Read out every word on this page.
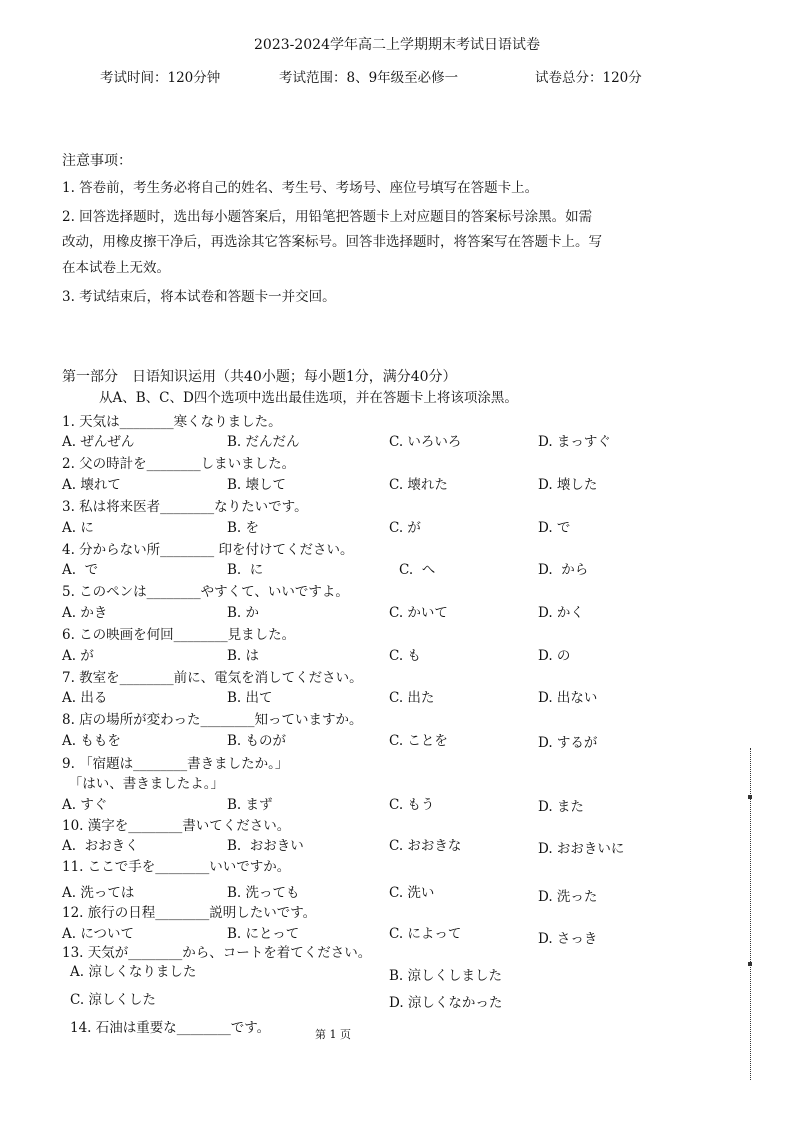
2023-2024学年高二上学期期末考试日语试卷
考试时间：120分钟	考试范围：8、9年级至必修一	试卷总分：120分
注意事项：
1. 答卷前，考生务必将自己的姓名、考生号、考场号、座位号填写在答题卡上。
2. 回答选择题时，选出每小题答案后，用铅笔把答题卡上对应题目的答案标号涂黑。如需
改动，用橡皮擦干净后，再选涂其它答案标号。回答非选择题时，将答案写在答题卡上。写
在本试卷上无效。
3. 考试结束后，将本试卷和答题卡一并交回。
第一部分　日语知识运用（共40小题；每小题1分，满分40分）
从A、B、C、D四个选项中选出最佳选项，并在答题卡上将该项涂黑。
1. 天気は________寒くなりました。
A. ぜんぜん	B. だんだん	C. いろいろ	D. まっすぐ
2. 父の時計を________しまいました。
A. 壊れて	B. 壊して	C. 壊れた	D. 壊した
3. 私は将来医者________なりたいです。
A. に	B. を	C. が	D. で
4. 分からない所________ 印を付けてください。
A.  で	B.  に	C.  へ	D.  から
5. このペンは________やすくて、いいですよ。
A. かき	B. か	C. かいて	D. かく
6. この映画を何回________見ました。
A. が	B. は	C. も	D. の
7. 教室を________前に、電気を消してください。
A. 出る	B. 出て	C. 出た	D. 出ない
8. 店の場所が変わった________知っていますか。
A. ももを	B. ものが	C. ことを	D. するが
9. 「宿題は________書きましたか。」
　「はい、書きましたよ。」
A. すぐ	B. まず	C. もう	D. また
10. 漢字を________書いてください。
A.  おおきく	B.  おおきい	C. おおきな	D. おおきいに
11. ここで手を________いいですか。
A. 洗っては	B. 洗っても	C. 洗い	D. 洗った
12. 旅行の日程________説明したいです。
A. について	B. にとって	C. によって	D. さっき
13. 天気が________から、コートを着てください。
A. 涼しくなりました	B. 涼しくしました
C. 涼しくした	D. 涼しくなかった
14. 石油は重要な________です。	第 1 页
